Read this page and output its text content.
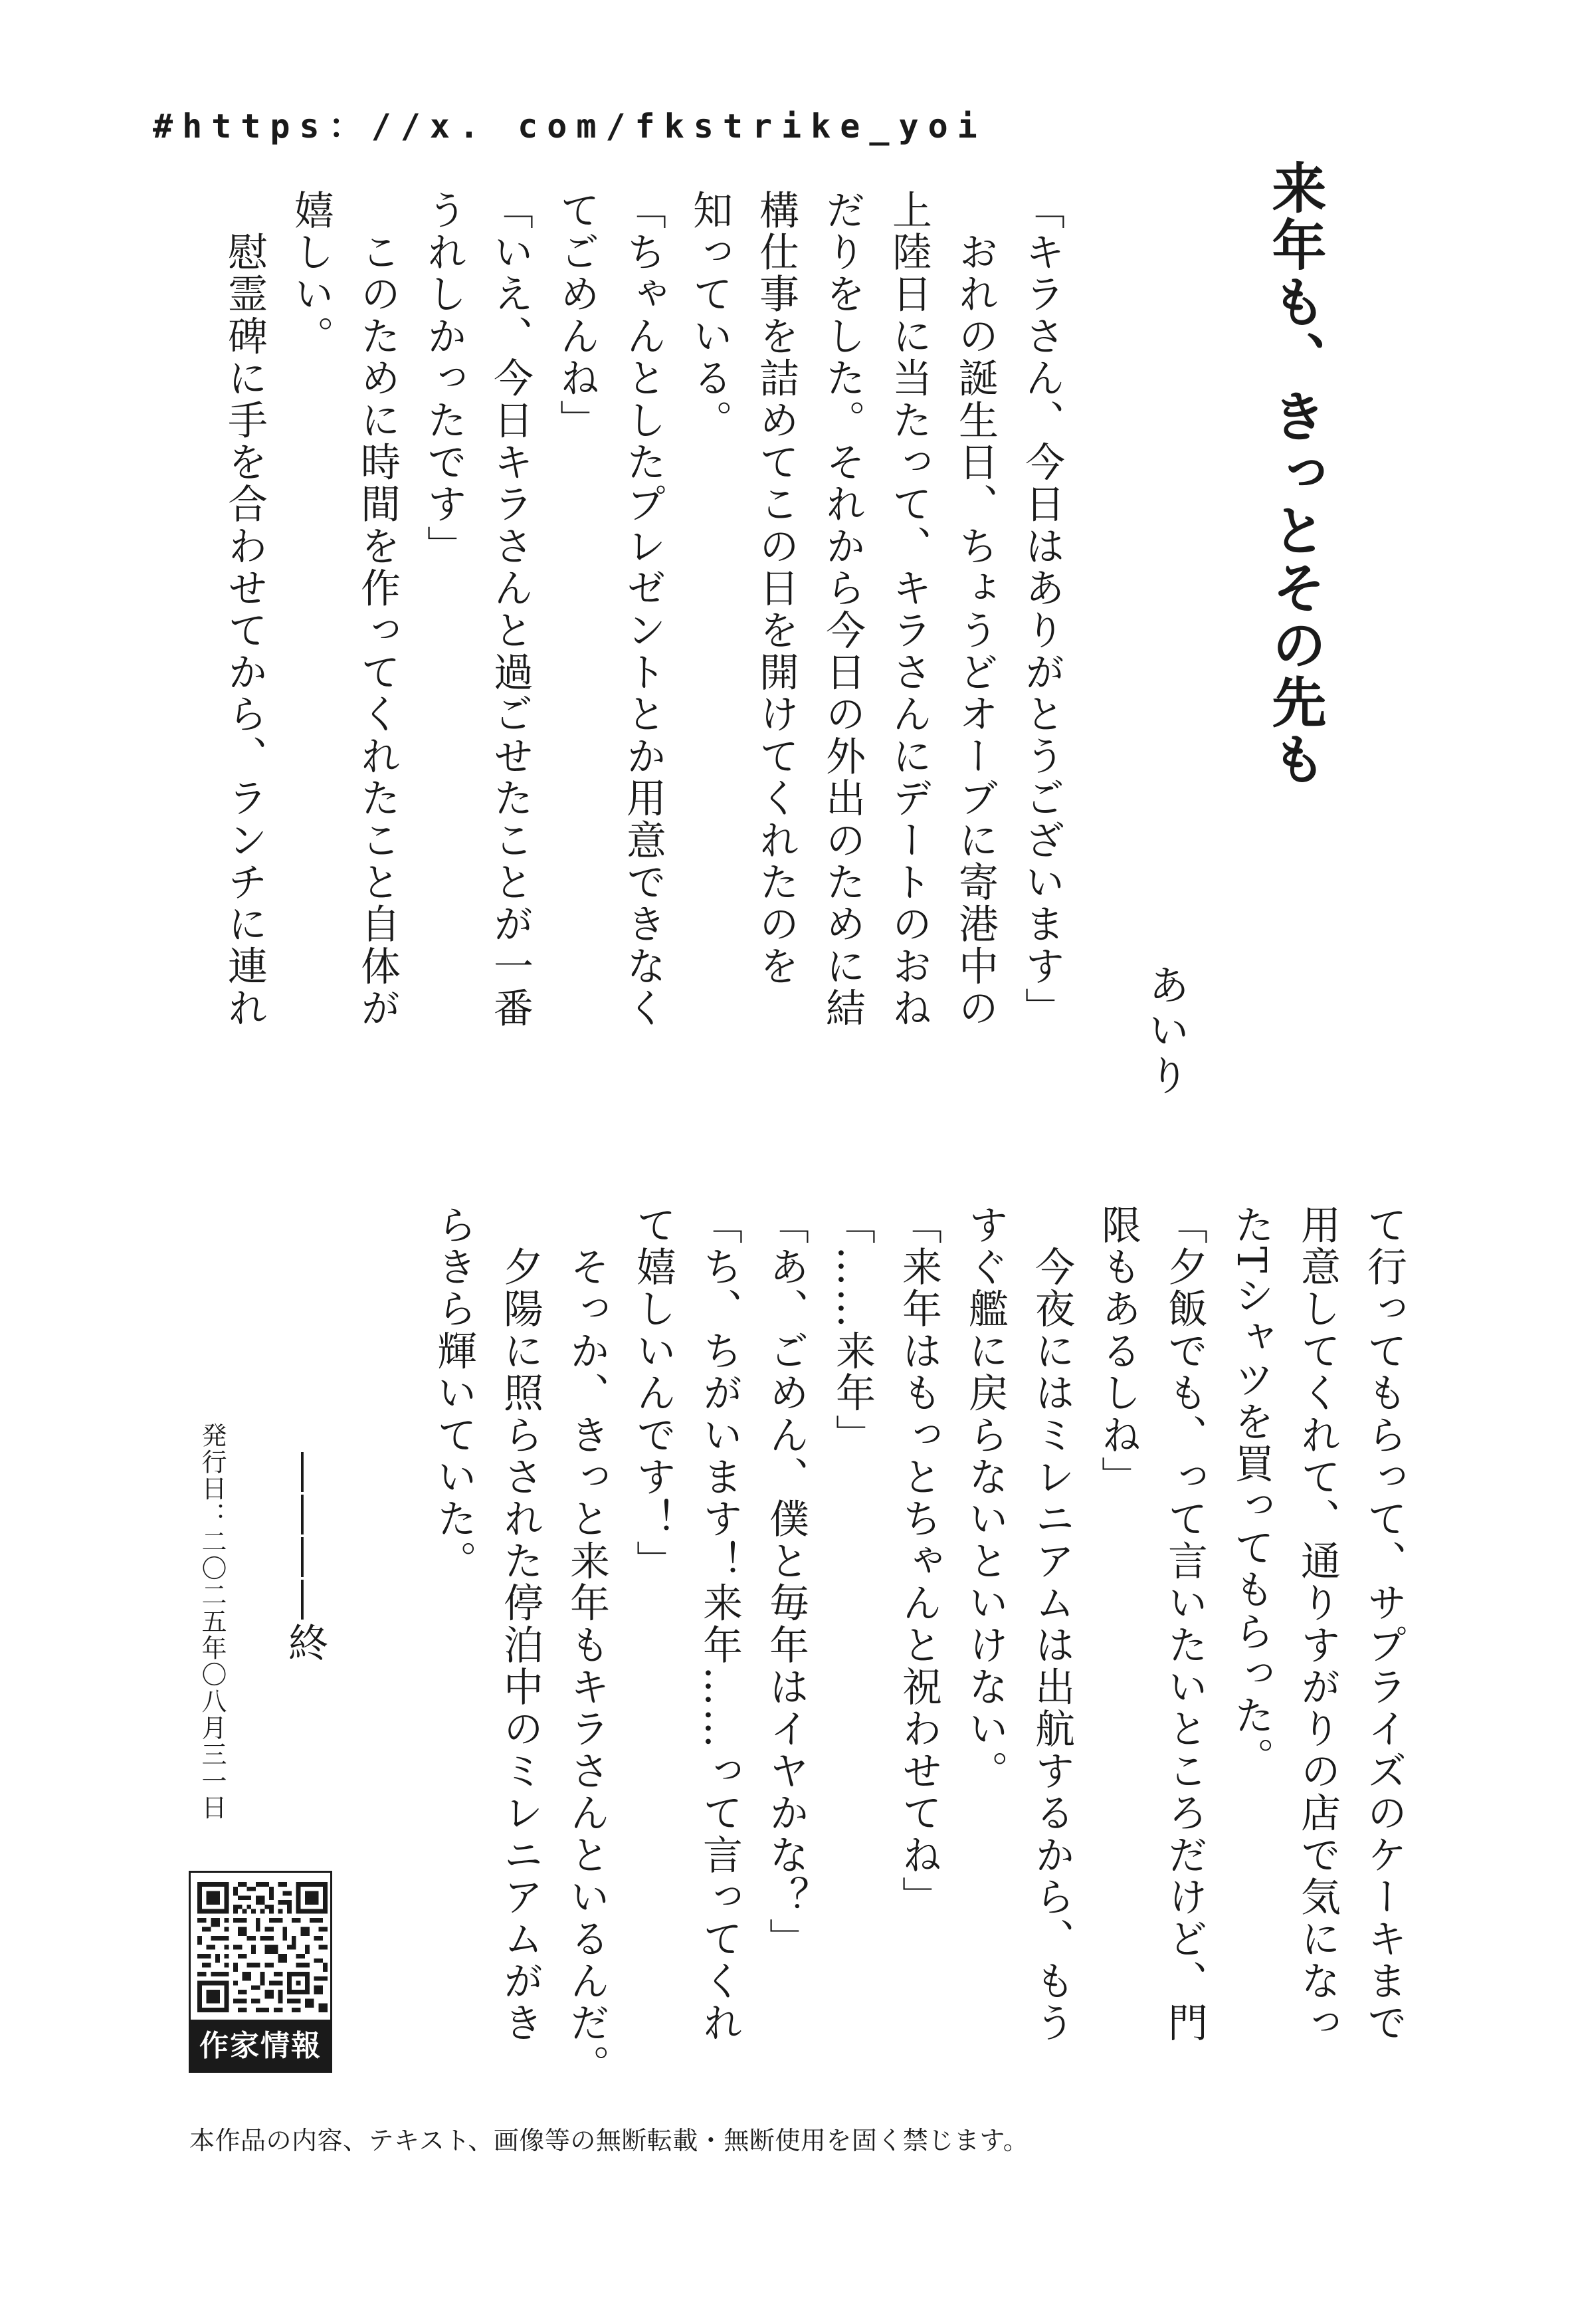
#https：//x. com/fkstrike_yoi
来年も、きっとその先も
あいり
「キラさん、今日はありがとうございます」
　おれの誕生日、ちょうどオーブに寄港中の
上陸日に当たって、キラさんにデートのおね
だりをした。それから今日の外出のために結
構仕事を詰めてこの日を開けてくれたのを
知っている。
「ちゃんとしたプレゼントとか用意できなく
てごめんね」
「いえ、今日キラさんと過ごせたことが一番
うれしかったです」
　このために時間を作ってくれたこと自体が
嬉しい。
　慰霊碑に手を合わせてから、ランチに連れ
て行ってもらって、サプライズのケーキまで
用意してくれて、通りすがりの店で気になっ
たTシャツを買ってもらった。
「夕飯でも、って言いたいところだけど、門
限もあるしね」
　今夜にはミレニアムは出航するから、もう
すぐ艦に戻らないといけない。
「来年はもっとちゃんと祝わせてね」
「……来年」
「あ、ごめん、僕と毎年はイヤかな？」
「ち、ちがいます！来年……って言ってくれ
て嬉しいんです！」
　そっか、きっと来年もキラさんといるんだ。
　夕陽に照らされた停泊中のミレニアムがき
らきら輝いていた。
――――終
発行日：二〇二五年〇八月三一日
作家情報
本作品の内容、テキスト、画像等の無断転載・無断使用を固く禁じます。
